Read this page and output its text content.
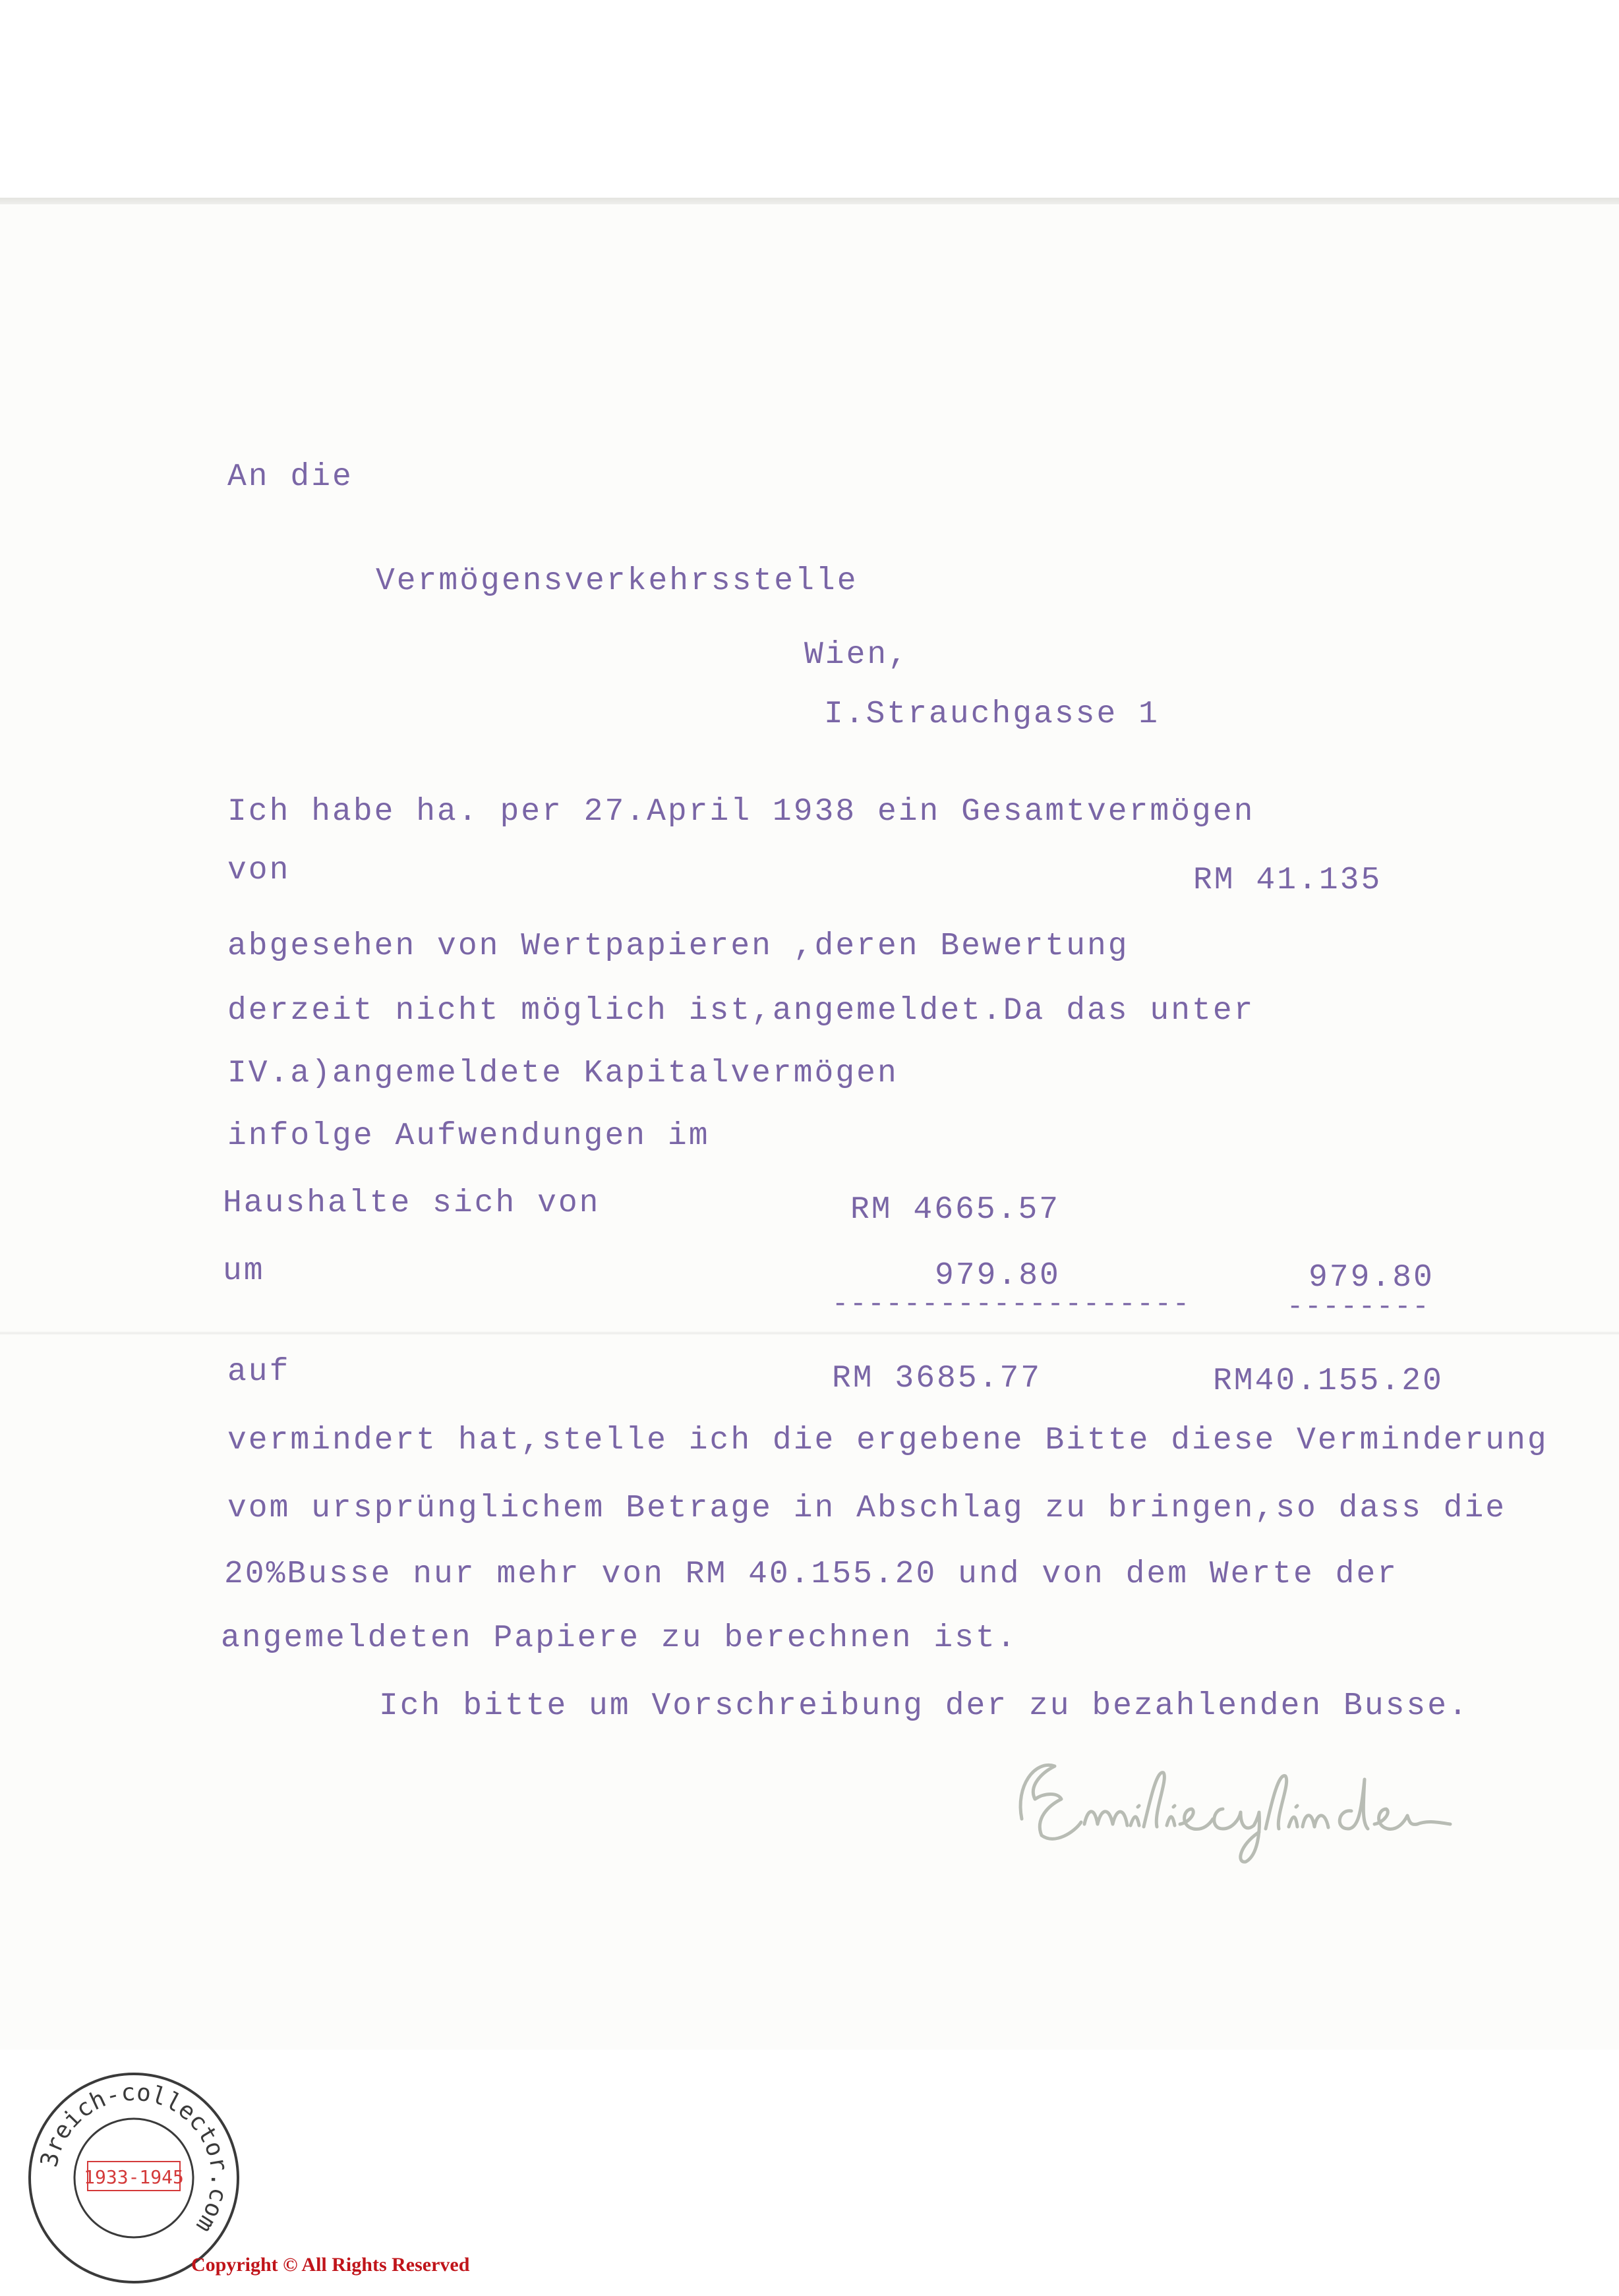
An die
Vermögensverkehrsstelle
Wien,
I.Strauchgasse 1
Ich habe ha. per 27.April 1938 ein Gesamtvermögen
von	RM 41.135
abgesehen von Wertpapieren ,deren Bewertung
derzeit nicht möglich ist,angemeldet.Da das unter
IV.a)angemeldete Kapitalvermögen
infolge Aufwendungen im
Haushalte sich von	RM 4665.57
um	979.80	979.80
--------------------	--------
auf	RM 3685.77	RM40.155.20
vermindert hat,stelle ich die ergebene Bitte diese Verminderung
vom ursprünglichem Betrage in Abschlag zu bringen,so dass die
20%Busse nur mehr von RM 40.155.20 und von dem Werte der
angemeldeten Papiere zu berechnen ist.
Ich bitte um Vorschreibung der zu bezahlenden Busse.
3reich-collector.com
1933-1945
Copyright © All Rights Reserved
